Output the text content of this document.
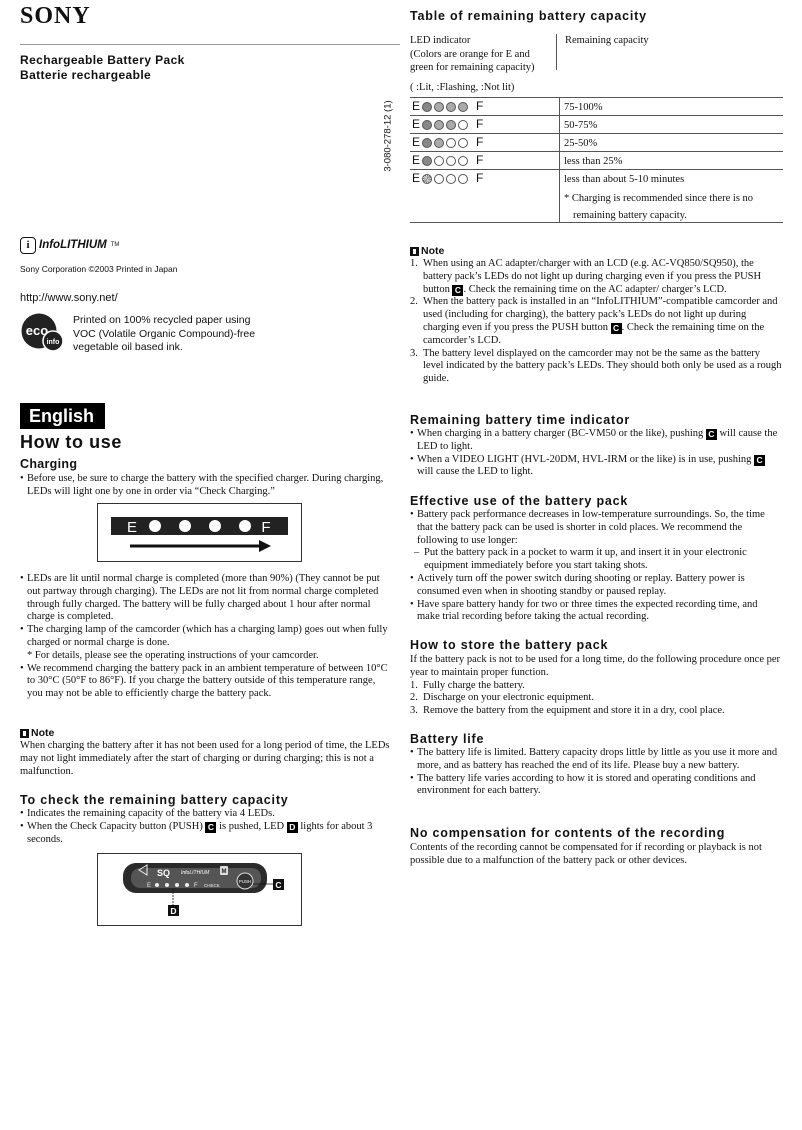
SONY
Rechargeable Battery Pack
Batterie rechargeable
3-080-278-12 (1)
i InfoLITHIUM TM
Sony Corporation ©2003 Printed in Japan
http://www.sony.net/
eco
info
Printed on 100% recycled paper using
VOC (Volatile Organic Compound)-free
vegetable oil based ink.
English
How to use
Charging
• Before use, be sure to charge the battery with the specified charger. During charging, LEDs will light one by one in order via “Check Charging.”
E	F
• LEDs are lit until normal charge is completed (more than 90%) (They cannot be put out partway through charging). The LEDs are not lit from normal charge completed through fully charged. The battery will be fully charged about 1 hour after normal charge is completed.
• The charging lamp of the camcorder (which has a charging lamp) goes out when fully charged or normal charge is done.
* For details, please see the operating instructions of your camcorder.
• We recommend charging the battery pack in an ambient temperature of between 10°C to 30°C (50°F to 86°F). If you charge the battery outside of this temperature range, you may not be able to efficiently charge the battery pack.
Note
When charging the battery after it has not been used for a long period of time, the LEDs may not light immediately after the start of charging or during charging; this is not a malfunction.
To check the remaining battery capacity
• Indicates the remaining capacity of the battery via 4 LEDs.
• When the Check Capacity button (PUSH) C is pushed, LED D lights for about 3 seconds.
SQ InfoLITHIUM M
E	F CHECK
PUSH	C
D
Table of remaining battery capacity
LED indicator
(Colors are orange for E and
green for remaining capacity)
Remaining capacity
( :Lit, :Flashing, :Not lit)
E	F	75-100%
E	F	50-75%
E	F	25-50%
E	F	less than 25%
E	F	less than about 5-10 minutes
* Charging is recommended since there is no remaining battery capacity.
Note
1. When using an AC adapter/charger with an LCD (e.g. AC-VQ850/SQ950), the battery pack’s LEDs do not light up during charging even if you press the PUSH button C . Check the remaining time on the AC adapter/ charger’s LCD.
2. When the battery pack is installed in an “InfoLITHIUM”-compatible camcorder and used (including for charging), the battery pack’s LEDs do not light up during charging even if you press the PUSH button C . Check the remaining time on the camcorder’s LCD.
3. The battery level displayed on the camcorder may not be the same as the battery level indicated by the battery pack’s LEDs. They should both only be used as a rough guide.
Remaining battery time indicator
• When charging in a battery charger (BC-VM50 or the like), pushing C will cause the LED to light.
• When a VIDEO LIGHT (HVL-20DM, HVL-IRM or the like) is in use, pushing C will cause the LED to light.
Effective use of the battery pack
• Battery pack performance decreases in low-temperature surroundings. So, the time that the battery pack can be used is shorter in cold places. We recommend the following to use longer:
– Put the battery pack in a pocket to warm it up, and insert it in your electronic equipment immediately before you start taking shots.
• Actively turn off the power switch during shooting or replay. Battery power is consumed even when in shooting standby or paused replay.
• Have spare battery handy for two or three times the expected recording time, and make trial recording before taking the actual recording.
How to store the battery pack
If the battery pack is not to be used for a long time, do the following procedure once per year to maintain proper function.
1. Fully charge the battery.
2. Discharge on your electronic equipment.
3. Remove the battery from the equipment and store it in a dry, cool place.
Battery life
• The battery life is limited. Battery capacity drops little by little as you use it more and more, and as battery has reached the end of its life. Please buy a new battery.
• The battery life varies according to how it is stored and operating conditions and environment for each battery.
No compensation for contents of the recording
Contents of the recording cannot be compensated for if recording or playback is not possible due to a malfunction of the battery pack or other devices.
